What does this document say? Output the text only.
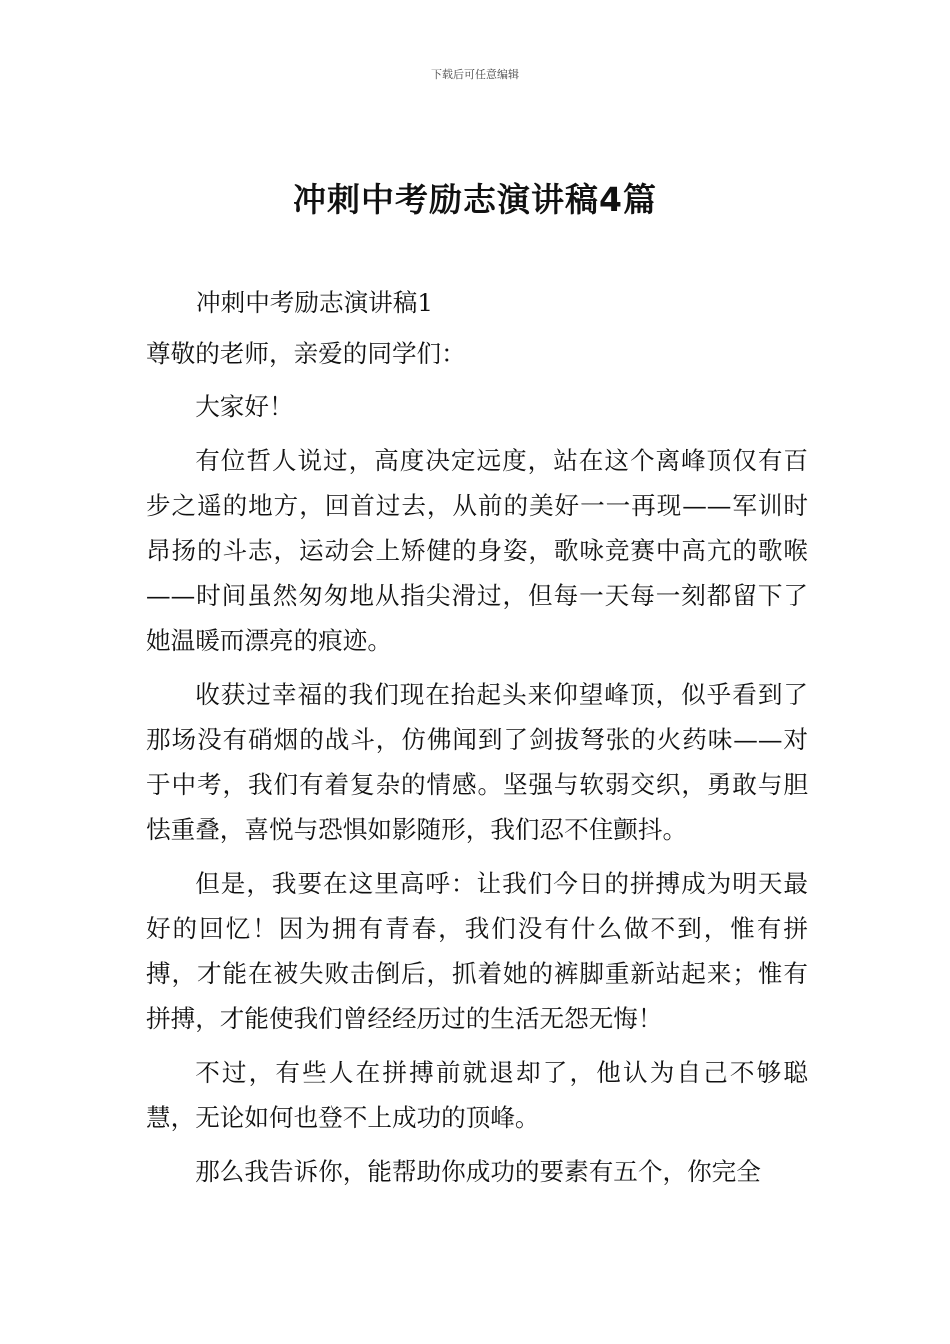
下载后可任意编辑
冲刺中考励志演讲稿4篇

冲刺中考励志演讲稿1

尊敬的老师，亲爱的同学们：

大家好！

有位哲人说过，高度决定远度，站在这个离峰顶仅有百步之遥的地方，回首过去，从前的美好一一再现——军训时昂扬的斗志，运动会上矫健的身姿，歌咏竞赛中高亢的歌喉——时间虽然匆匆地从指尖滑过，但每一天每一刻都留下了她温暖而漂亮的痕迹。

收获过幸福的我们现在抬起头来仰望峰顶，似乎看到了那场没有硝烟的战斗，仿佛闻到了剑拔弩张的火药味——对于中考，我们有着复杂的情感。坚强与软弱交织，勇敢与胆怯重叠，喜悦与恐惧如影随形，我们忍不住颤抖。

但是，我要在这里高呼：让我们今日的拼搏成为明天最好的回忆！因为拥有青春，我们没有什么做不到，惟有拼搏，才能在被失败击倒后，抓着她的裤脚重新站起来；惟有拼搏，才能使我们曾经经历过的生活无怨无悔！

不过，有些人在拼搏前就退却了，他认为自己不够聪慧，无论如何也登不上成功的顶峰。

那么我告诉你，能帮助你成功的要素有五个，你完全
